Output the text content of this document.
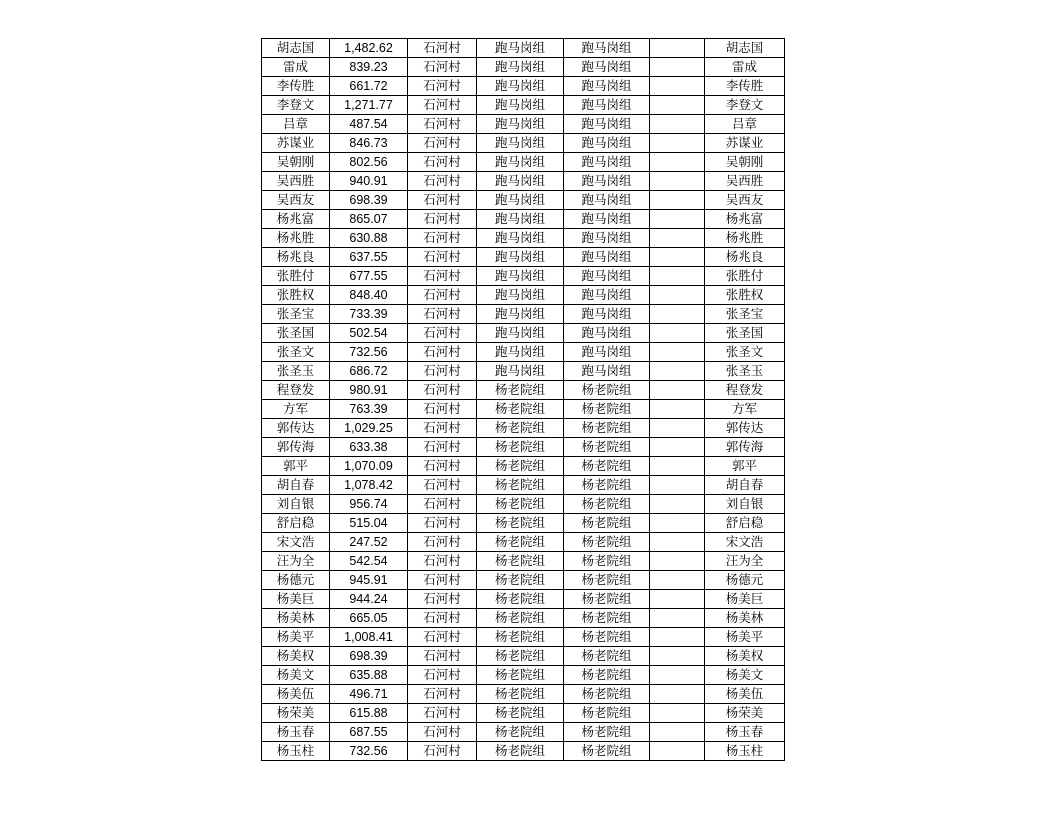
胡志国	1,482.62	石河村	跑马岗组	跑马岗组		胡志国
雷成	839.23	石河村	跑马岗组	跑马岗组		雷成
李传胜	661.72	石河村	跑马岗组	跑马岗组		李传胜
李登文	1,271.77	石河村	跑马岗组	跑马岗组		李登文
吕章	487.54	石河村	跑马岗组	跑马岗组		吕章
苏谋业	846.73	石河村	跑马岗组	跑马岗组		苏谋业
吴朝刚	802.56	石河村	跑马岗组	跑马岗组		吴朝刚
吴西胜	940.91	石河村	跑马岗组	跑马岗组		吴西胜
吴西友	698.39	石河村	跑马岗组	跑马岗组		吴西友
杨兆富	865.07	石河村	跑马岗组	跑马岗组		杨兆富
杨兆胜	630.88	石河村	跑马岗组	跑马岗组		杨兆胜
杨兆良	637.55	石河村	跑马岗组	跑马岗组		杨兆良
张胜付	677.55	石河村	跑马岗组	跑马岗组		张胜付
张胜权	848.40	石河村	跑马岗组	跑马岗组		张胜权
张圣宝	733.39	石河村	跑马岗组	跑马岗组		张圣宝
张圣国	502.54	石河村	跑马岗组	跑马岗组		张圣国
张圣文	732.56	石河村	跑马岗组	跑马岗组		张圣文
张圣玉	686.72	石河村	跑马岗组	跑马岗组		张圣玉
程登发	980.91	石河村	杨老院组	杨老院组		程登发
方军	763.39	石河村	杨老院组	杨老院组		方军
郭传达	1,029.25	石河村	杨老院组	杨老院组		郭传达
郭传海	633.38	石河村	杨老院组	杨老院组		郭传海
郭平	1,070.09	石河村	杨老院组	杨老院组		郭平
胡自春	1,078.42	石河村	杨老院组	杨老院组		胡自春
刘自银	956.74	石河村	杨老院组	杨老院组		刘自银
舒启稳	515.04	石河村	杨老院组	杨老院组		舒启稳
宋文浩	247.52	石河村	杨老院组	杨老院组		宋文浩
汪为全	542.54	石河村	杨老院组	杨老院组		汪为全
杨德元	945.91	石河村	杨老院组	杨老院组		杨德元
杨美巨	944.24	石河村	杨老院组	杨老院组		杨美巨
杨美林	665.05	石河村	杨老院组	杨老院组		杨美林
杨美平	1,008.41	石河村	杨老院组	杨老院组		杨美平
杨美权	698.39	石河村	杨老院组	杨老院组		杨美权
杨美文	635.88	石河村	杨老院组	杨老院组		杨美文
杨美伍	496.71	石河村	杨老院组	杨老院组		杨美伍
杨荣美	615.88	石河村	杨老院组	杨老院组		杨荣美
杨玉春	687.55	石河村	杨老院组	杨老院组		杨玉春
杨玉柱	732.56	石河村	杨老院组	杨老院组		杨玉柱
